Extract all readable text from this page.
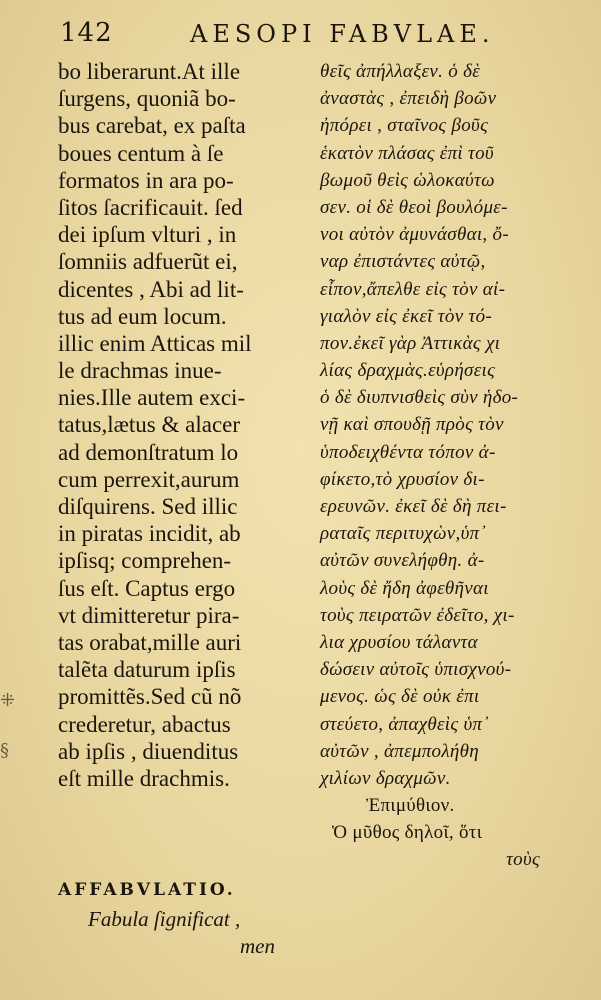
142	AESOPI FABVLAE.
bo liberarunt.At ille
ſurgens, quoniã bo-
bus carebat, ex paſta
boues centum à ſe
formatos in ara po-
ſitos ſacrificauit. ſed
dei ipſum vlturi , in
ſomniis adfuerũt ei,
dicentes , Abi ad lit-
tus ad eum locum.
illic enim Atticas mil
le drachmas inue-
nies.Ille autem exci-
tatus,lætus & alacer
ad demonſtratum lo
cum perrexit,aurum
diſquirens. Sed illic
in piratas incidit, ab
ipſisq; comprehen-
ſus eſt. Captus ergo
vt dimitteretur pira-
tas orabat,mille auri
talẽta daturum ipſis
promittẽs.Sed cũ nõ
crederetur, abactus
ab ipſis , diuenditus
eſt mille drachmis.
θεῖς ἀπήλλαξεν. ὁ δὲ
ἀναστὰς , ἐπειδὴ βοῶν
ἠπόρει , σταῖνος βοῦς
ἑκατὸν πλάσας ἐπὶ τοῦ
βωμοῦ θεὶς ὡλοκαύτω
σεν. οἱ δὲ θεοὶ βουλόμε-
νοι αὐτὸν ἀμυνάσθαι, ὄ-
ναρ ἐπιστάντες αὐτῷ,
εἶπον,ἄπελθε εἰς τὸν αἰ-
γιαλὸν εἰς ἐκεῖ τὸν τό-
πον.ἐκεῖ γὰρ Ἀττικὰς χι
λίας δραχμὰς.εὑρήσεις
ὁ δὲ διυπνισθεὶς σὺν ἡδο-
νῇ καὶ σπουδῇ πρὸς τὸν
ὑποδειχθέντα τόπον ἀ-
φίκετο,τὸ χρυσίον δι-
ερευνῶν. ἐκεῖ δὲ δὴ πει-
ραταῖς περιτυχὼν,ὑπ᾽
αὐτῶν συνελήφθη. ἀ-
λοὺς δὲ ἤδη ἀφεθῆναι
τοὺς πειρατῶν ἐδεῖτο, χι-
λια χρυσίου τάλαντα
δώσειν αὐτοῖς ὑπισχνού-
μενος. ὡς δὲ οὐκ ἐπι
στεύετο, ἀπαχθεὶς ὑπ᾽
αὐτῶν , ἀπεμπολήθη
χιλίων δραχμῶν.
Ἐπιμύθιον.
Ὁ μῦθος δηλοῖ, ὅτι
τοὺς
AFFABVLATIO.
Fabula ſignificat ,
men
⁜
§
